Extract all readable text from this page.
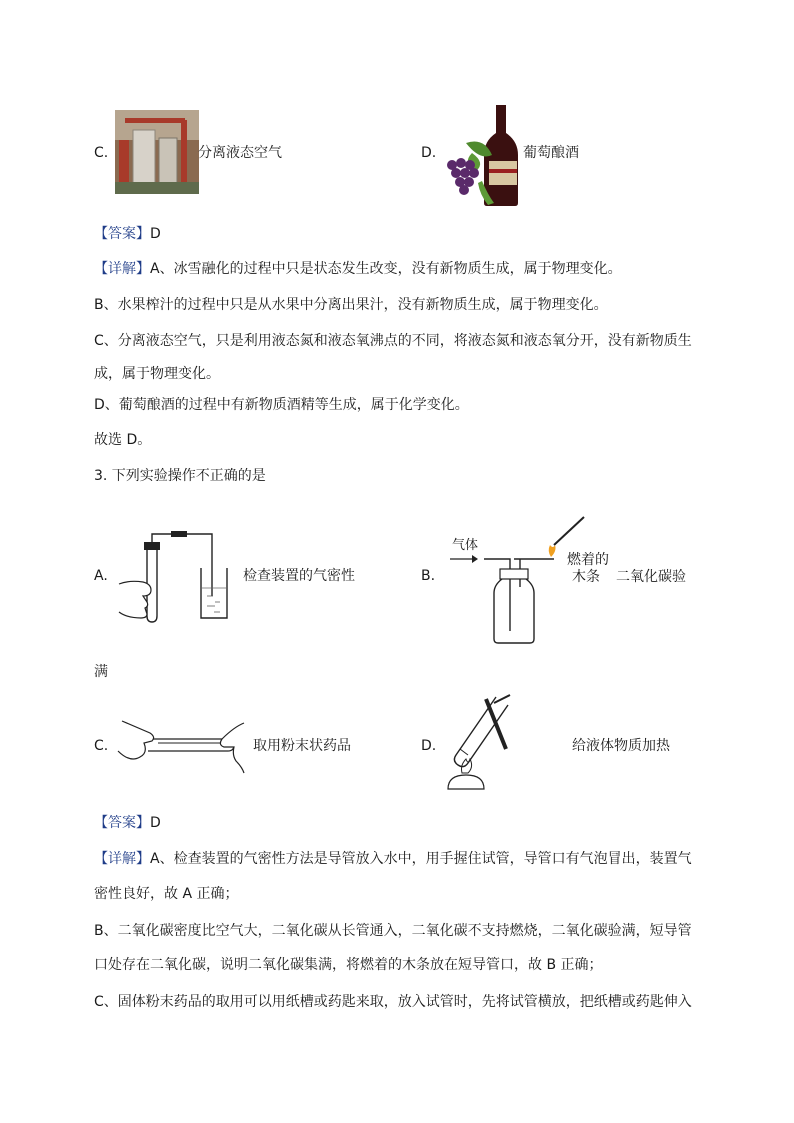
C.	分离液态空气	D.	葡萄酿酒
【答案】D
【详解】A、冰雪融化的过程中只是状态发生改变，没有新物质生成，属于物理变化。
B、水果榨汁的过程中只是从水果中分离出果汁，没有新物质生成，属于物理变化。
C、分离液态空气，只是利用液态氮和液态氧沸点的不同，将液态氮和液态氧分开，没有新物质生
成，属于物理变化。
D、葡萄酿酒的过程中有新物质酒精等生成，属于化学变化。
故选 D。
3. 下列实验操作不正确的是
A.	检查装置的气密性	B.
气体
燃着的
木条 二氧化碳验
满
C.	取用粉末状药品	D.	给液体物质加热
【答案】D
【详解】A、检查装置的气密性方法是导管放入水中，用手握住试管，导管口有气泡冒出，装置气
密性良好，故 A 正确；
B、二氧化碳密度比空气大，二氧化碳从长管通入，二氧化碳不支持燃烧，二氧化碳验满，短导管
口处存在二氧化碳，说明二氧化碳集满，将燃着的木条放在短导管口，故 B 正确；
C、固体粉末药品的取用可以用纸槽或药匙来取，放入试管时，先将试管横放，把纸槽或药匙伸入
